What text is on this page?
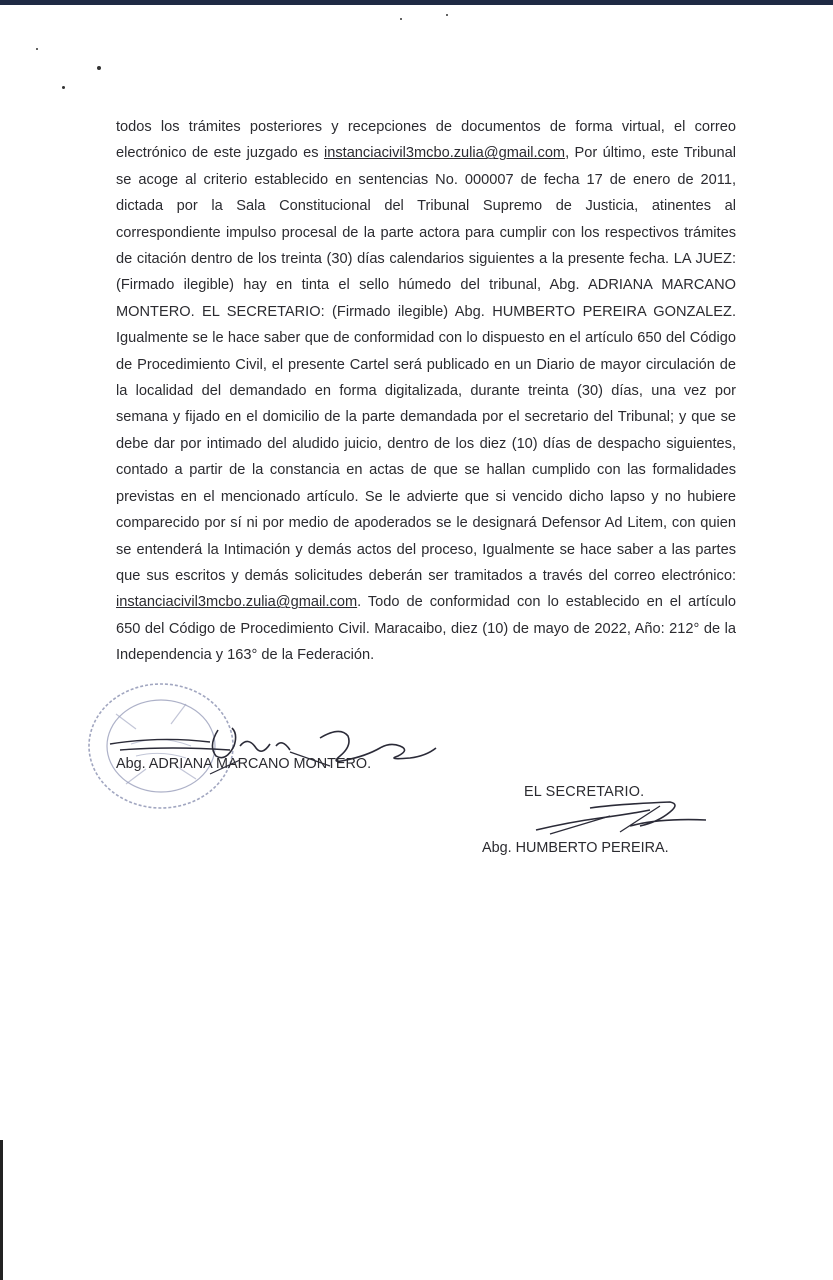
todos los trámites posteriores y recepciones de documentos de forma virtual, el correo electrónico de este juzgado es instanciacivil3mcbo.zulia@gmail.com, Por último, este Tribunal se acoge al criterio establecido en sentencias No. 000007 de fecha 17 de enero de 2011, dictada por la Sala Constitucional del Tribunal Supremo de Justicia, atinentes al correspondiente impulso procesal de la parte actora para cumplir con los respectivos trámites de citación dentro de los treinta (30) días calendarios siguientes a la presente fecha. LA JUEZ: (Firmado ilegible) hay en tinta el sello húmedo del tribunal, Abg. ADRIANA MARCANO MONTERO. EL SECRETARIO: (Firmado ilegible) Abg. HUMBERTO PEREIRA GONZALEZ. Igualmente se le hace saber que de conformidad con lo dispuesto en el artículo 650 del Código de Procedimiento Civil, el presente Cartel será publicado en un Diario de mayor circulación de la localidad del demandado en forma digitalizada, durante treinta (30) días, una vez por semana y fijado en el domicilio de la parte demandada por el secretario del Tribunal; y que se debe dar por intimado del aludido juicio, dentro de los diez (10) días de despacho siguientes, contado a partir de la constancia en actas de que se hallan cumplido con las formalidades previstas en el mencionado artículo. Se le advierte que si vencido dicho lapso y no hubiere comparecido por sí ni por medio de apoderados se le designará Defensor Ad Litem, con quien se entenderá la Intimación y demás actos del proceso, Igualmente se hace saber a las partes que sus escritos y demás solicitudes deberán ser tramitados a través del correo electrónico: instanciacivil3mcbo.zulia@gmail.com. Todo de conformidad con lo establecido en el artículo 650 del Código de Procedimiento Civil. Maracaibo, diez (10) de mayo de 2022, Año: 212° de la Independencia y 163° de la Federación.

Abg. ADRIANA MARCANO MONTERO.
EL SECRETARIO.
Abg. HUMBERTO PEREIRA.
